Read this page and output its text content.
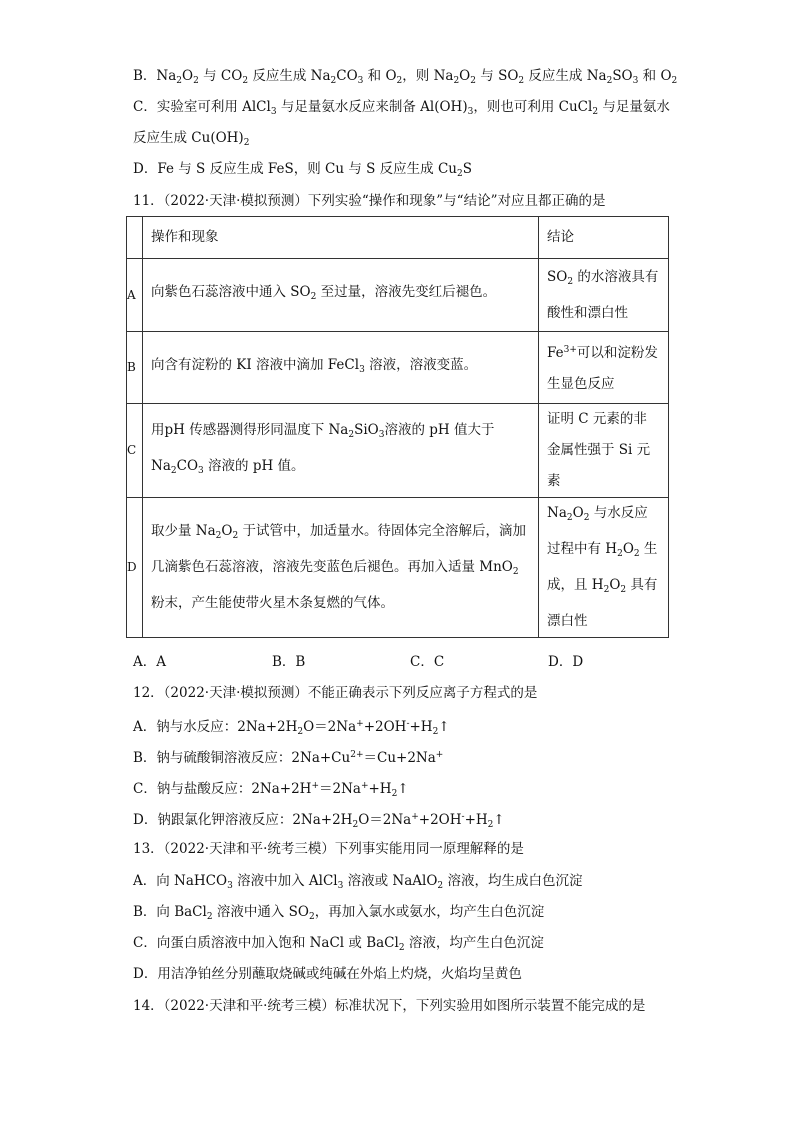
B．$Na_2O_2$ 与 $CO_2$ 反应生成 $Na_2CO_3$ 和 $O_2$，则 $Na_2O_2$ 与 $SO_2$ 反应生成 $Na_2SO_3$ 和 $O_2$
C．实验室可利用 AlCl$_3$ 与足量氨水反应来制备 $Al(OH)_3$，则也可利用 CuCl$_2$ 与足量氨水
反应生成 $Cu(OH)_2$
D．Fe 与 S 反应生成 FeS，则 Cu 与 S 反应生成 $Cu_2S$
11．（2022·天津·模拟预测）下列实验“操作和现象”与“结论”对应且都正确的是
	操作和现象	结论
A	向紫色石蕊溶液中通入 $SO_2$ 至过量，溶液先变红后褪色。	$SO_2$ 的水溶液具有酸性和漂白性
B	向含有淀粉的 KI 溶液中滴加 FeCl$_3$ 溶液，溶液变蓝。	$Fe^{3+}$可以和淀粉发生显色反应
C	用pH 传感器测得形同温度下 $Na_2SiO_3$溶液的 pH 值大于 $Na_2CO_3$ 溶液的 pH 值。	证明 C 元素的非金属性强于 Si 元素
D	取少量 $Na_2O_2$ 于试管中，加适量水。待固体完全溶解后，滴加几滴紫色石蕊溶液，溶液先变蓝色后褪色。再加入适量 MnO$_2$ 粉末，产生能使带火星木条复燃的气体。	$Na_2O_2$ 与水反应过程中有 $H_2O_2$ 生成，且 $H_2O_2$ 具有漂白性
A．A	B．B	C．C	D．D
12．（2022·天津·模拟预测）不能正确表示下列反应离子方程式的是
A．钠与水反应：$2Na+2H_2O=2Na^++2OH^-+H_2↑$
B．钠与硫酸铜溶液反应：$2Na+Cu^{2+}=Cu+2Na^+$
C．钠与盐酸反应：$2Na+2H^+=2Na^++H_2↑$
D．钠跟氯化钾溶液反应：$2Na+2H_2O=2Na^++2OH^-+H_2↑$
13．（2022·天津和平·统考三模）下列事实能用同一原理解释的是
A．向 NaHCO$_3$ 溶液中加入 AlCl$_3$ 溶液或 NaAlO$_2$ 溶液，均生成白色沉淀
B．向 BaCl$_2$ 溶液中通入 $SO_2$，再加入氯水或氨水，均产生白色沉淀
C．向蛋白质溶液中加入饱和 NaCl 或 BaCl$_2$ 溶液，均产生白色沉淀
D．用洁净铂丝分别蘸取烧碱或纯碱在外焰上灼烧，火焰均呈黄色
14．（2022·天津和平·统考三模）标准状况下，下列实验用如图所示装置不能完成的是
